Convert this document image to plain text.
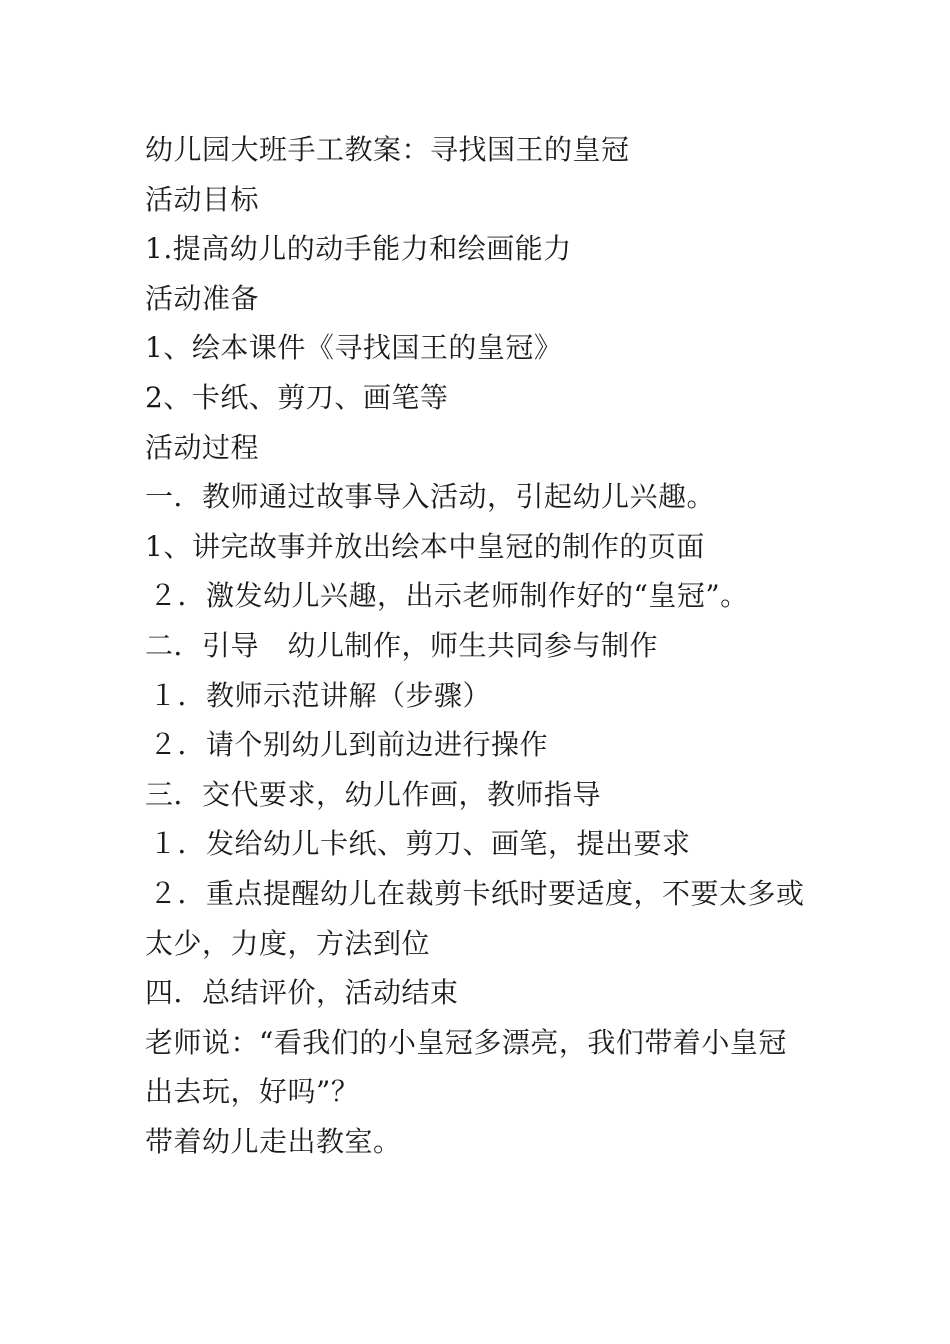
幼儿园大班手工教案：寻找国王的皇冠
活动目标
1.提高幼儿的动手能力和绘画能力
活动准备
1、绘本课件《寻找国王的皇冠》
2、卡纸、剪刀、画笔等
活动过程
一．教师通过故事导入活动，引起幼儿兴趣。
1、讲完故事并放出绘本中皇冠的制作的页面
２．激发幼儿兴趣，出示老师制作好的“皇冠”。
二．引导　幼儿制作，师生共同参与制作
１．教师示范讲解（步骤）
２．请个别幼儿到前边进行操作
三．交代要求，幼儿作画，教师指导
１．发给幼儿卡纸、剪刀、画笔，提出要求
２．重点提醒幼儿在裁剪卡纸时要适度，不要太多或
太少，力度，方法到位
四．总结评价，活动结束
老师说：“看我们的小皇冠多漂亮，我们带着小皇冠
出去玩，好吗”？
带着幼儿走出教室。
